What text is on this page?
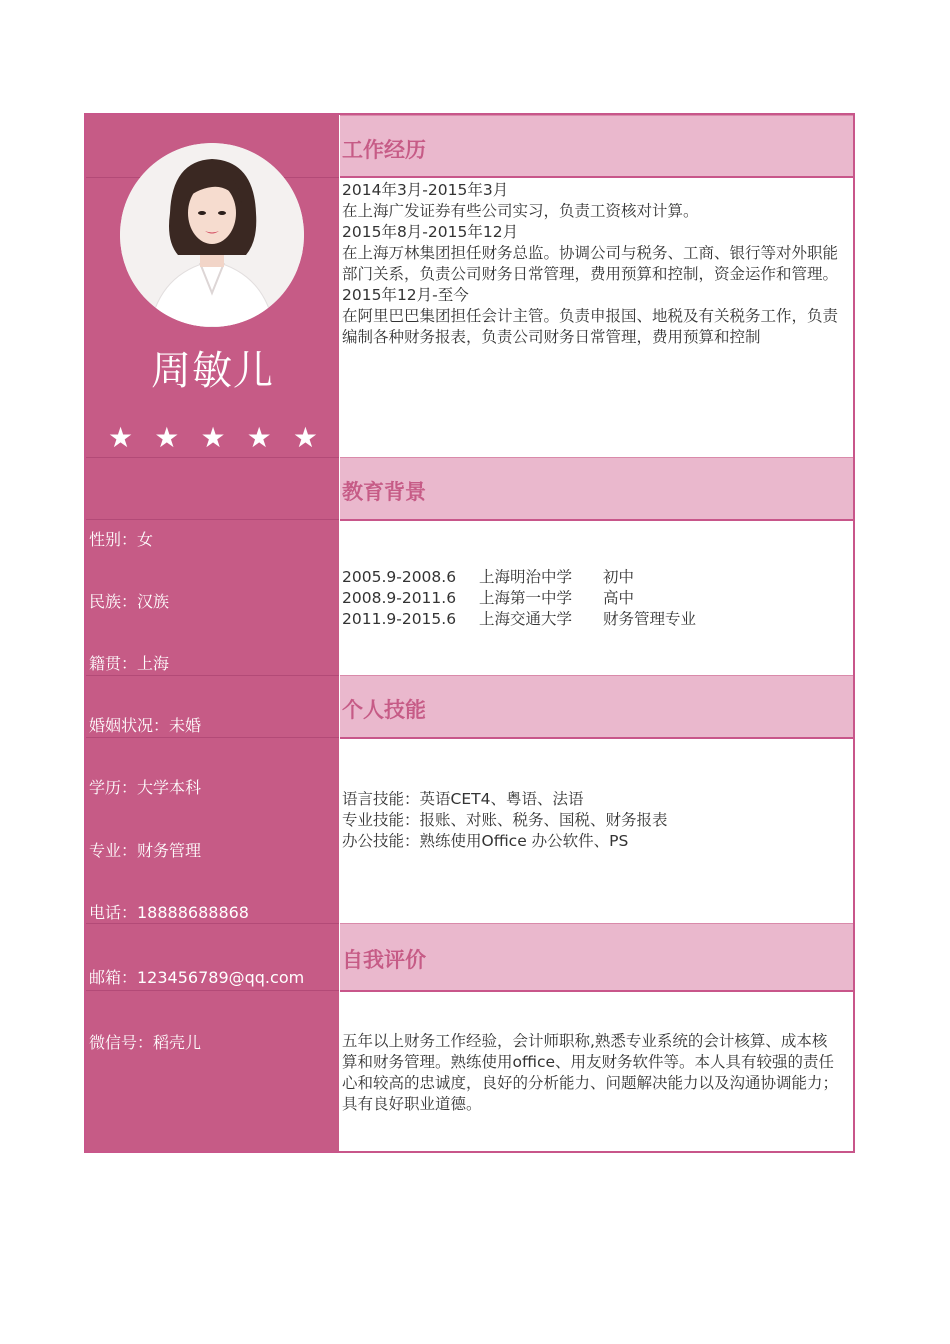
周敏儿
★ ★ ★ ★ ★
性别：女
民族：汉族
籍贯：上海
婚姻状况：未婚
学历：大学本科
专业：财务管理
电话：18888688868
邮箱：123456789@qq.com
微信号：稻壳儿
工作经历
2014年3月-2015年3月
在上海广发证券有些公司实习，负责工资核对计算。
2015年8月-2015年12月
在上海万林集团担任财务总监。协调公司与税务、工商、银行等对外职能
部门关系，负责公司财务日常管理，费用预算和控制，资金运作和管理。
2015年12月-至今
在阿里巴巴集团担任会计主管。负责申报国、地税及有关税务工作，负责
编制各种财务报表，负责公司财务日常管理，费用预算和控制
教育背景
2005.9-2008.6	上海明治中学	初中
2008.9-2011.6	上海第一中学	高中
2011.9-2015.6	上海交通大学	财务管理专业
个人技能
语言技能：英语CET4、粤语、法语
专业技能：报账、对账、税务、国税、财务报表
办公技能：熟练使用Office 办公软件、PS
自我评价
五年以上财务工作经验，会计师职称,熟悉专业系统的会计核算、成本核
算和财务管理。熟练使用office、用友财务软件等。本人具有较强的责任
心和较高的忠诚度，良好的分析能力、问题解决能力以及沟通协调能力；
具有良好职业道德。
